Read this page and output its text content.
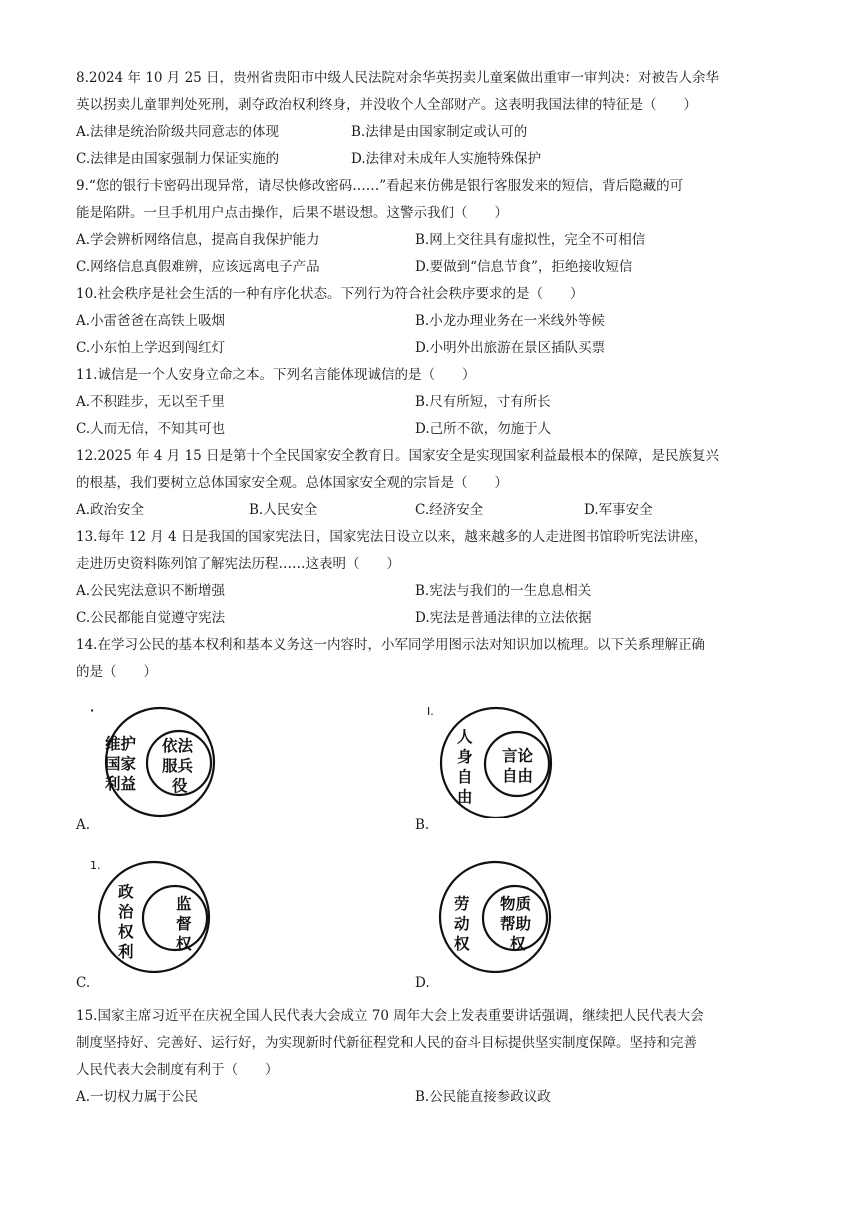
8.2024 年 10 月 25 日，贵州省贵阳市中级人民法院对余华英拐卖儿童案做出重审一审判决：对被告人余华
英以拐卖儿童罪判处死刑，剥夺政治权利终身，并没收个人全部财产。这表明我国法律的特征是（　　）
A.法律是统治阶级共同意志的体现	B.法律是由国家制定或认可的
C.法律是由国家强制力保证实施的	D.法律对未成年人实施特殊保护
9.“您的银行卡密码出现异常，请尽快修改密码……”看起来仿佛是银行客服发来的短信，背后隐藏的可
能是陷阱。一旦手机用户点击操作，后果不堪设想。这警示我们（　　）
A.学会辨析网络信息，提高自我保护能力	B.网上交往具有虚拟性，完全不可相信
C.网络信息真假难辨，应该远离电子产品	D.要做到“信息节食”，拒绝接收短信
10.社会秩序是社会生活的一种有序化状态。下列行为符合社会秩序要求的是（　　）
A.小雷爸爸在高铁上吸烟	B.小龙办理业务在一米线外等候
C.小东怕上学迟到闯红灯	D.小明外出旅游在景区插队买票
11.诚信是一个人安身立命之本。下列名言能体现诚信的是（　　）
A.不积跬步，无以至千里	B.尺有所短，寸有所长
C.人而无信，不知其可也	D.己所不欲，勿施于人
12.2025 年 4 月 15 日是第十个全民国家安全教育日。国家安全是实现国家利益最根本的保障，是民族复兴
的根基，我们要树立总体国家安全观。总体国家安全观的宗旨是（　　）
A.政治安全	B.人民安全	C.经济安全	D.军事安全
13.每年 12 月 4 日是我国的国家宪法日，国家宪法日设立以来，越来越多的人走进图书馆聆听宪法讲座，
走进历史资料陈列馆了解宪法历程……这表明（　　）
A.公民宪法意识不断增强	B.宪法与我们的一生息息相关
C.公民都能自觉遵守宪法	D.宪法是普通法律的立法依据
14.在学习公民的基本权利和基本义务这一内容时，小军同学用图示法对知识加以梳理。以下关系理解正确
的是（　　）
·
维护
国家
利益
依法
服兵
役
A.
I.
人
身
自
由
言论
自由
B.
1.
政
治
权
利
监
督
权
C.
劳
动
权
物质
帮助
权
D.
15.国家主席习近平在庆祝全国人民代表大会成立 70 周年大会上发表重要讲话强调，继续把人民代表大会
制度坚持好、完善好、运行好，为实现新时代新征程党和人民的奋斗目标提供坚实制度保障。坚持和完善
人民代表大会制度有利于（　　）
A.一切权力属于公民	B.公民能直接参政议政
